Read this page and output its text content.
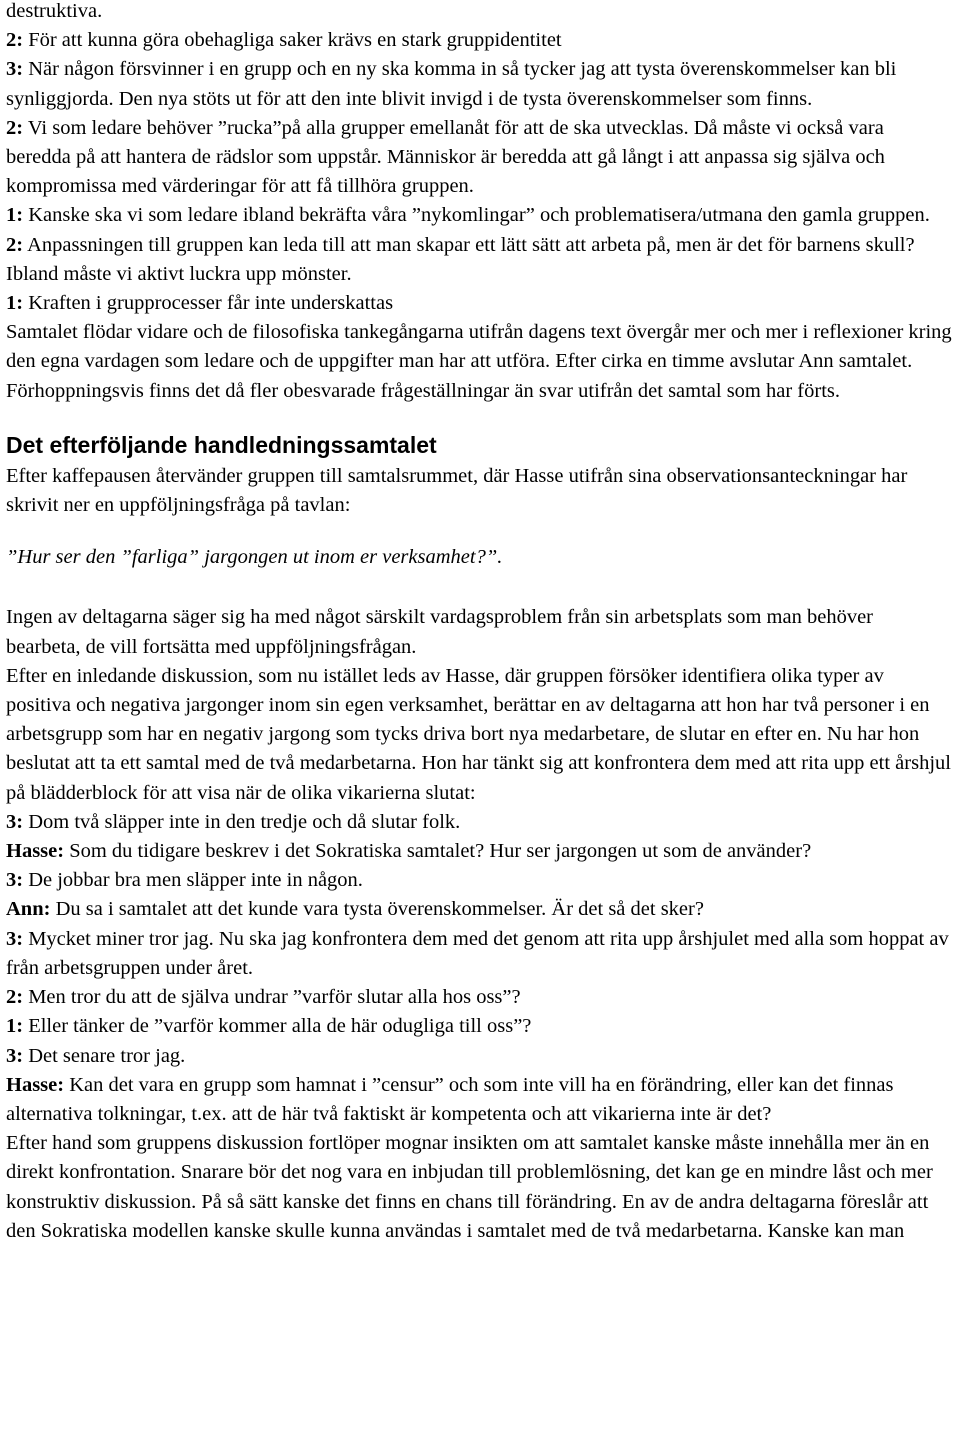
destruktiva.

2: För att kunna göra obehagliga saker krävs en stark gruppidentitet

3: När någon försvinner i en grupp och en ny ska komma in så tycker jag att tysta överenskommelser kan bli synliggjorda. Den nya stöts ut för att den inte blivit invigd i de tysta överenskommelser som finns.

2: Vi som ledare behöver ”rucka”på alla grupper emellanåt för att de ska utvecklas. Då måste vi också vara beredda på att hantera de rädslor som uppstår. Människor är beredda att gå långt i att anpassa sig själva och kompromissa med värderingar för att få tillhöra gruppen.

1: Kanske ska vi som ledare ibland bekräfta våra ”nykomlingar” och problematisera/utmana den gamla gruppen.

2: Anpassningen till gruppen kan leda till att man skapar ett lätt sätt att arbeta på, men är det för barnens skull? Ibland måste vi aktivt luckra upp mönster.

1: Kraften i grupprocesser får inte underskattas

Samtalet flödar vidare och de filosofiska tankegångarna utifrån dagens text övergår mer och mer i reflexioner kring den egna vardagen som ledare och de uppgifter man har att utföra. Efter cirka en timme avslutar Ann samtalet. Förhoppningsvis finns det då fler obesvarade frågeställningar än svar utifrån det samtal som har förts.

Det efterföljande handledningssamtalet

Efter kaffepausen återvänder gruppen till samtalsrummet, där Hasse utifrån sina observationsanteckningar har skrivit ner en uppföljningsfråga på tavlan:

”Hur ser den ”farliga” jargongen ut inom er verksamhet?”.

Ingen av deltagarna säger sig ha med något särskilt vardagsproblem från sin arbetsplats som man behöver bearbeta, de vill fortsätta med uppföljningsfrågan.

Efter en inledande diskussion, som nu istället leds av Hasse, där gruppen försöker identifiera olika typer av positiva och negativa jargonger inom sin egen verksamhet, berättar en av deltagarna att hon har två personer i en arbetsgrupp som har en negativ jargong som tycks driva bort nya medarbetare, de slutar en efter en. Nu har hon beslutat att ta ett samtal med de två medarbetarna. Hon har tänkt sig att konfrontera dem med att rita upp ett årshjul på blädderblock för att visa när de olika vikarierna slutat:

3: Dom två släpper inte in den tredje och då slutar folk.

Hasse: Som du tidigare beskrev i det Sokratiska samtalet? Hur ser jargongen ut som de använder?

3: De jobbar bra men släpper inte in någon.

Ann: Du sa i samtalet att det kunde vara tysta överenskommelser. Är det så det sker?

3: Mycket miner tror jag. Nu ska jag konfrontera dem med det genom att rita upp årshjulet med alla som hoppat av från arbetsgruppen under året.

2: Men tror du att de själva undrar ”varför slutar alla hos oss”?

1: Eller tänker de ”varför kommer alla de här odugliga till oss”?

3: Det senare tror jag.

Hasse: Kan det vara en grupp som hamnat i ”censur” och som inte vill ha en förändring, eller kan det finnas alternativa tolkningar, t.ex. att de här två faktiskt är kompetenta och att vikarierna inte är det?

Efter hand som gruppens diskussion fortlöper mognar insikten om att samtalet kanske måste innehålla mer än en direkt konfrontation. Snarare bör det nog vara en inbjudan till problemlösning, det kan ge en mindre låst och mer konstruktiv diskussion. På så sätt kanske det finns en chans till förändring. En av de andra deltagarna föreslår att den Sokratiska modellen kanske skulle kunna användas i samtalet med de två medarbetarna. Kanske kan man
